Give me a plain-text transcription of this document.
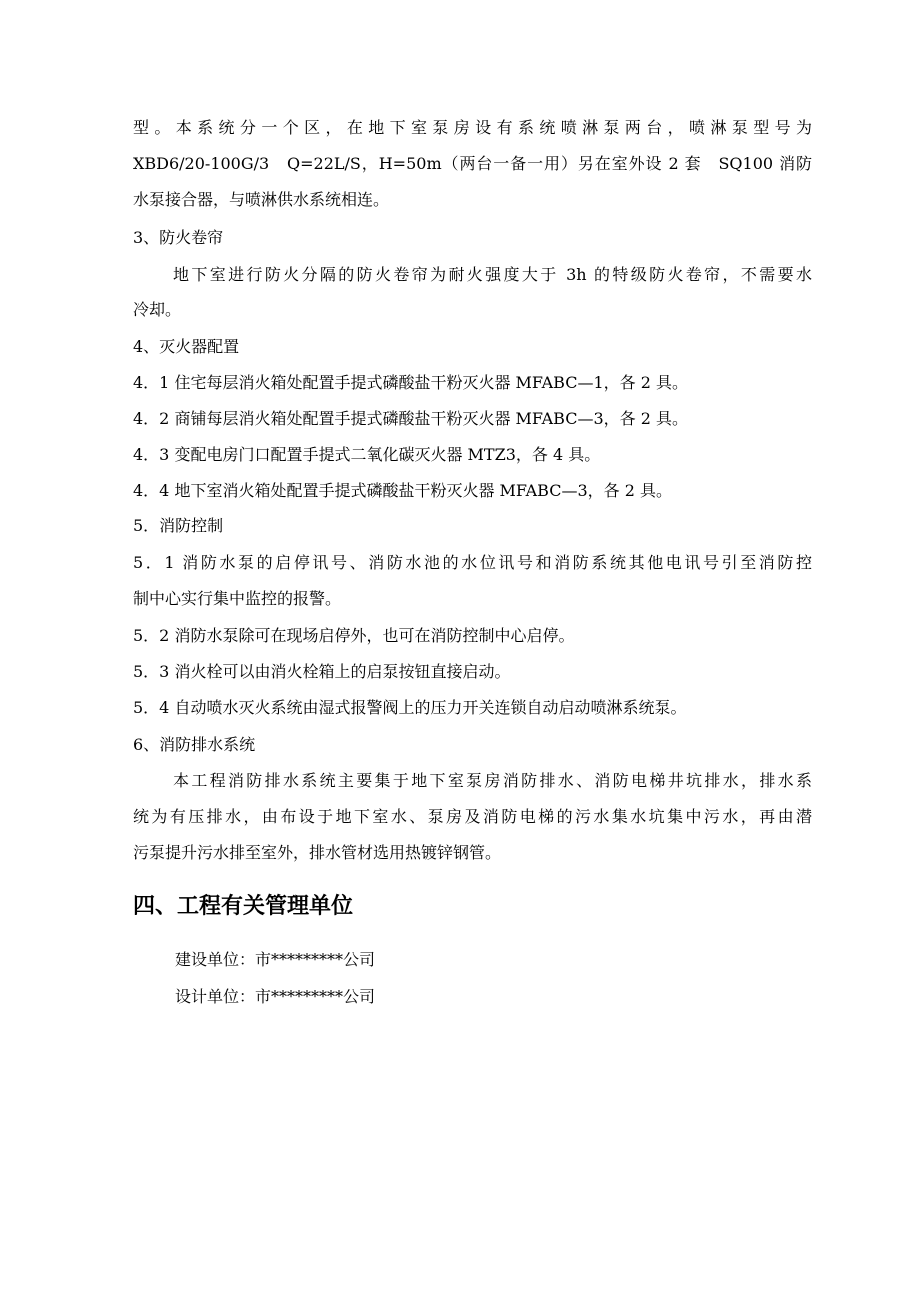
型。本系统分一个区，在地下室泵房设有系统喷淋泵两台，喷淋泵型号为
XBD6/20-100G/3　Q=22L/S，H=50m（两台一备一用）另在室外设 2 套　SQ100 消防
水泵接合器，与喷淋供水系统相连。
3、防火卷帘
地下室进行防火分隔的防火卷帘为耐火强度大于 3h 的特级防火卷帘，不需要水
冷却。
4、灭火器配置
4．1 住宅每层消火箱处配置手提式磷酸盐干粉灭火器 MFABC—1，各 2 具。
4．2 商铺每层消火箱处配置手提式磷酸盐干粉灭火器 MFABC—3，各 2 具。
4．3 变配电房门口配置手提式二氧化碳灭火器 MTZ3，各 4 具。
4．4 地下室消火箱处配置手提式磷酸盐干粉灭火器 MFABC—3，各 2 具。
5．消防控制
5．1 消防水泵的启停讯号、消防水池的水位讯号和消防系统其他电讯号引至消防控
制中心实行集中监控的报警。
5．2 消防水泵除可在现场启停外，也可在消防控制中心启停。
5．3 消火栓可以由消火栓箱上的启泵按钮直接启动。
5．4 自动喷水灭火系统由湿式报警阀上的压力开关连锁自动启动喷淋系统泵。
6、消防排水系统
本工程消防排水系统主要集于地下室泵房消防排水、消防电梯井坑排水，排水系
统为有压排水，由布设于地下室水、泵房及消防电梯的污水集水坑集中污水，再由潜
污泵提升污水排至室外，排水管材选用热镀锌钢管。
四、工程有关管理单位
建设单位：市*********公司
设计单位：市*********公司
